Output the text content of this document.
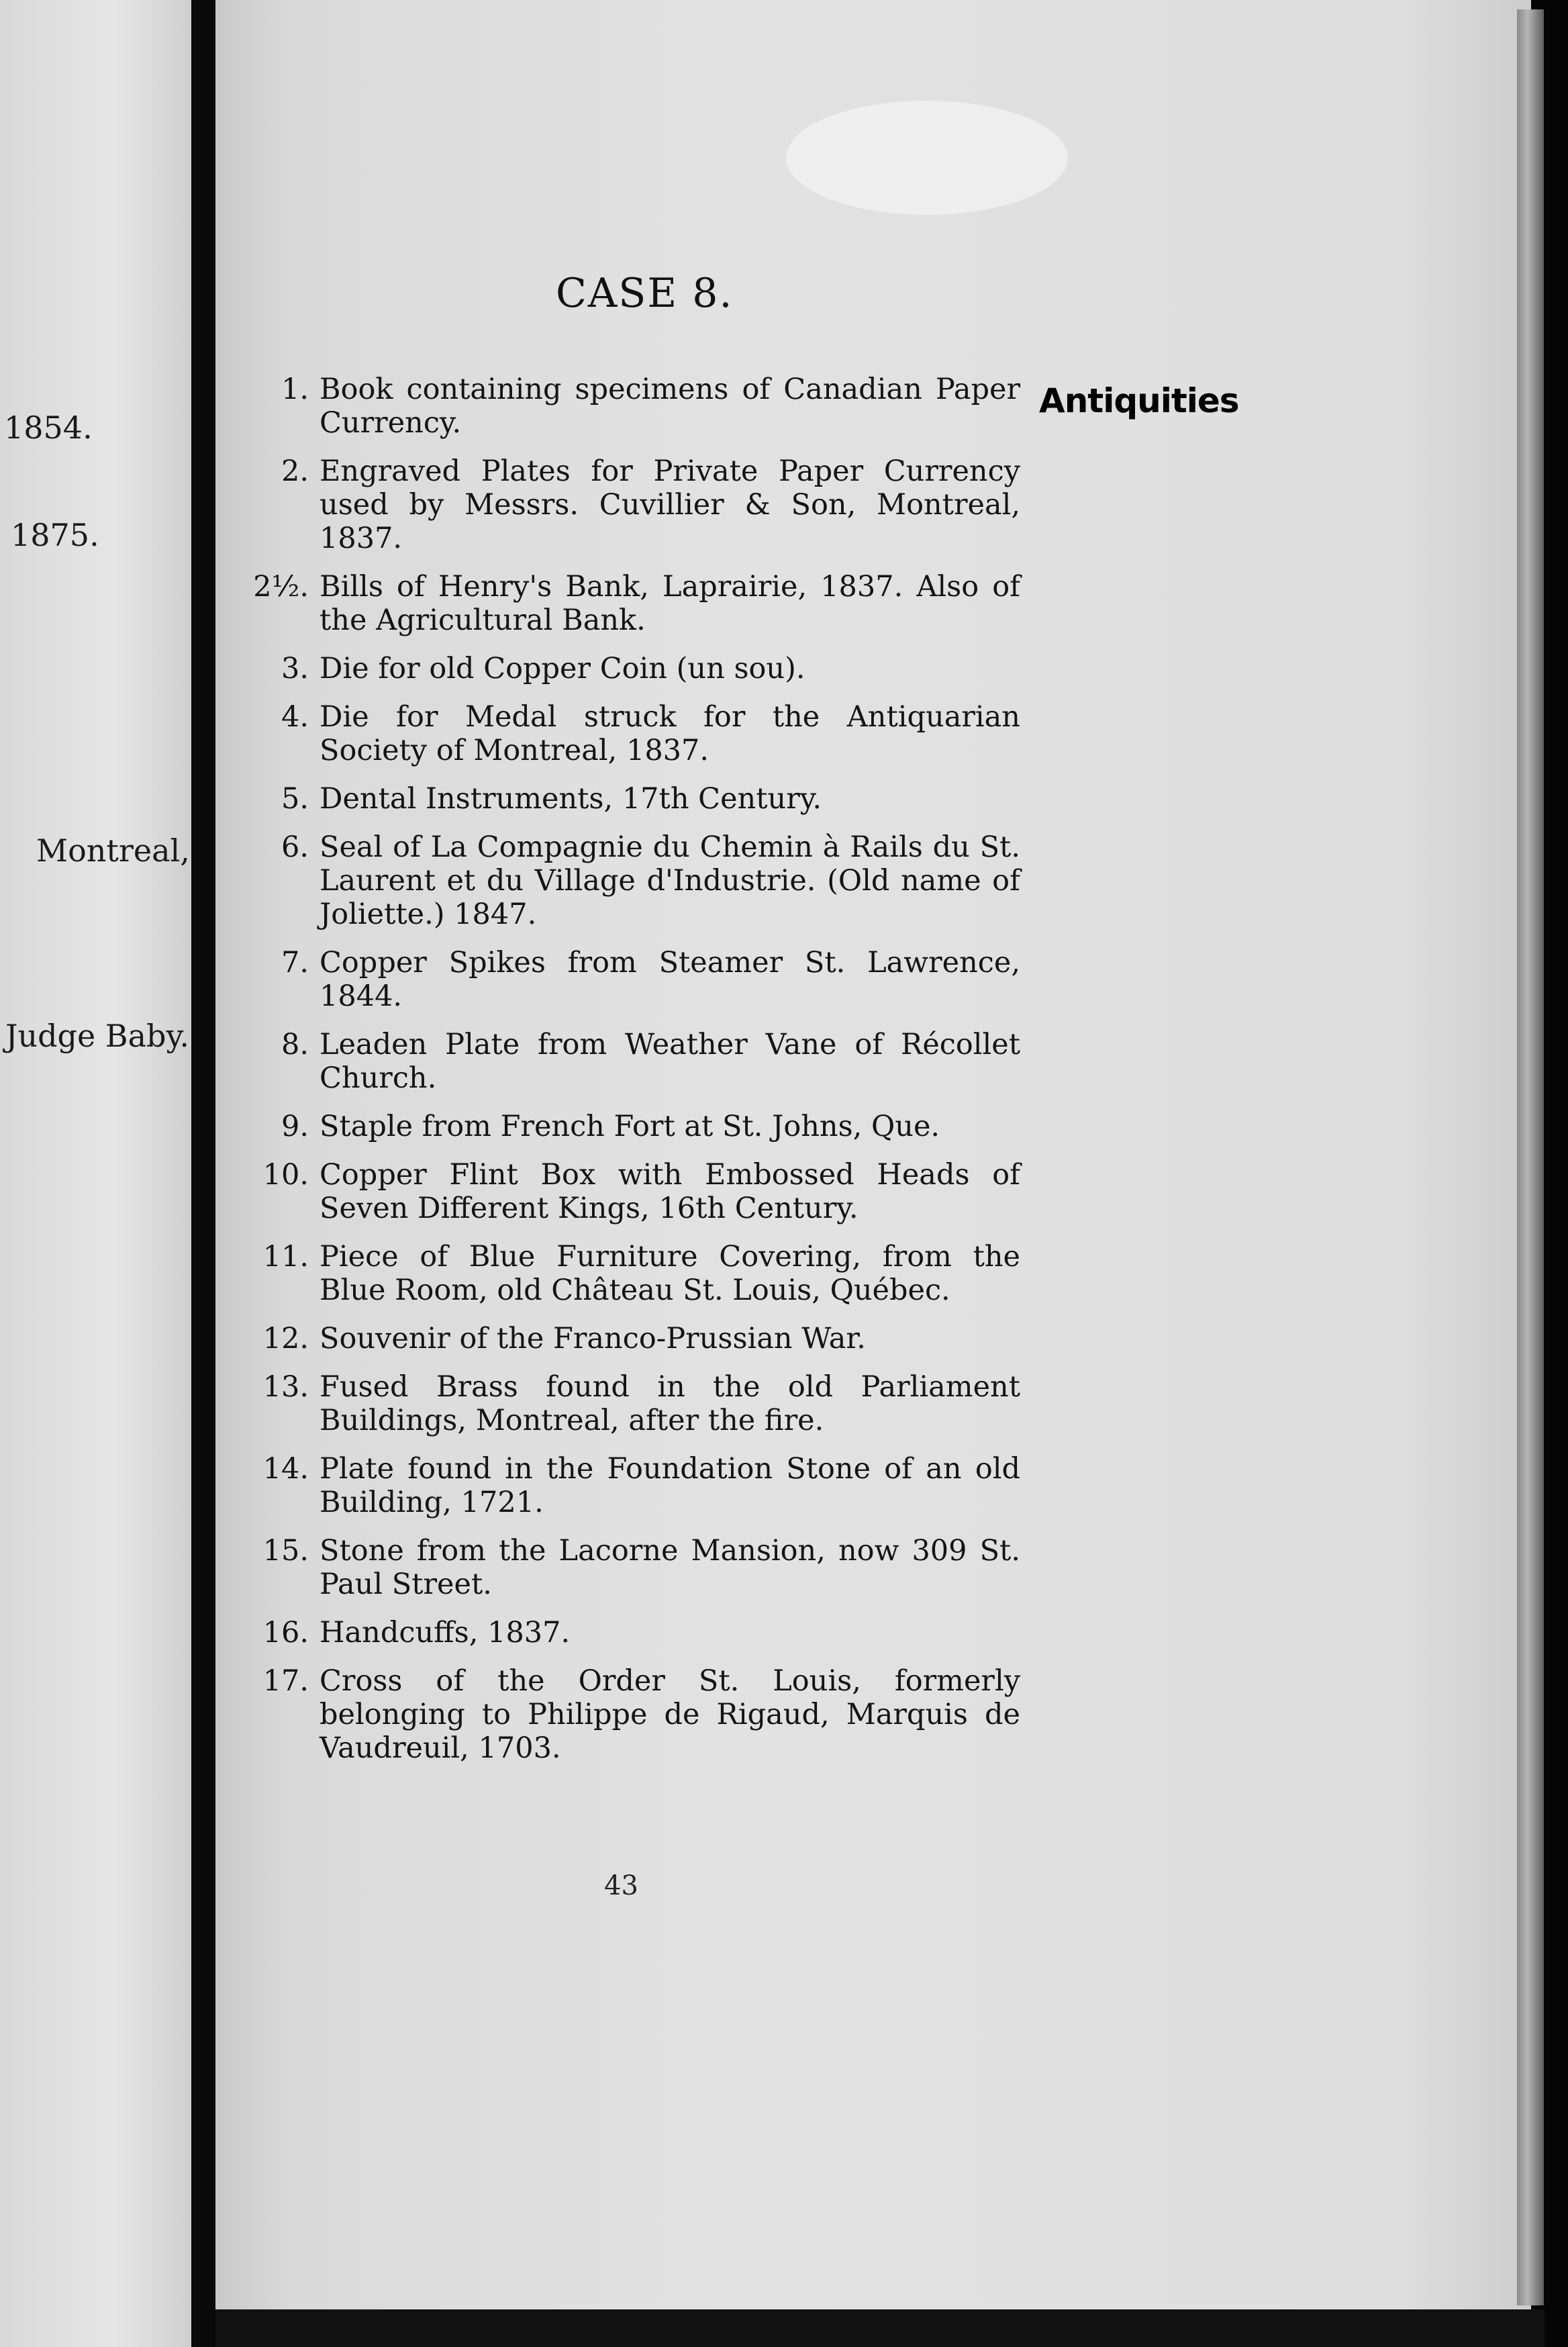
1854.
1875.
Montreal,
Judge Baby.
CASE 8.
Antiquities
1. Book containing specimens of Canadian Paper Currency.
2. Engraved Plates for Private Paper Currency used by Messrs. Cuvillier & Son, Montreal, 1837.
2½. Bills of Henry's Bank, Laprairie, 1837. Also of the Agricultural Bank.
3. Die for old Copper Coin (un sou).
4. Die for Medal struck for the Antiquarian Society of Montreal, 1837.
5. Dental Instruments, 17th Century.
6. Seal of La Compagnie du Chemin à Rails du St. Laurent et du Village d'Industrie. (Old name of Joliette.) 1847.
7. Copper Spikes from Steamer St. Lawrence, 1844.
8. Leaden Plate from Weather Vane of Récollet Church.
9. Staple from French Fort at St. Johns, Que.
10. Copper Flint Box with Embossed Heads of Seven Different Kings, 16th Century.
11. Piece of Blue Furniture Covering, from the Blue Room, old Château St. Louis, Québec.
12. Souvenir of the Franco-Prussian War.
13. Fused Brass found in the old Parliament Buildings, Montreal, after the fire.
14. Plate found in the Foundation Stone of an old Building, 1721.
15. Stone from the Lacorne Mansion, now 309 St. Paul Street.
16. Handcuffs, 1837.
17. Cross of the Order St. Louis, formerly belonging to Philippe de Rigaud, Marquis de Vaudreuil, 1703.
43
